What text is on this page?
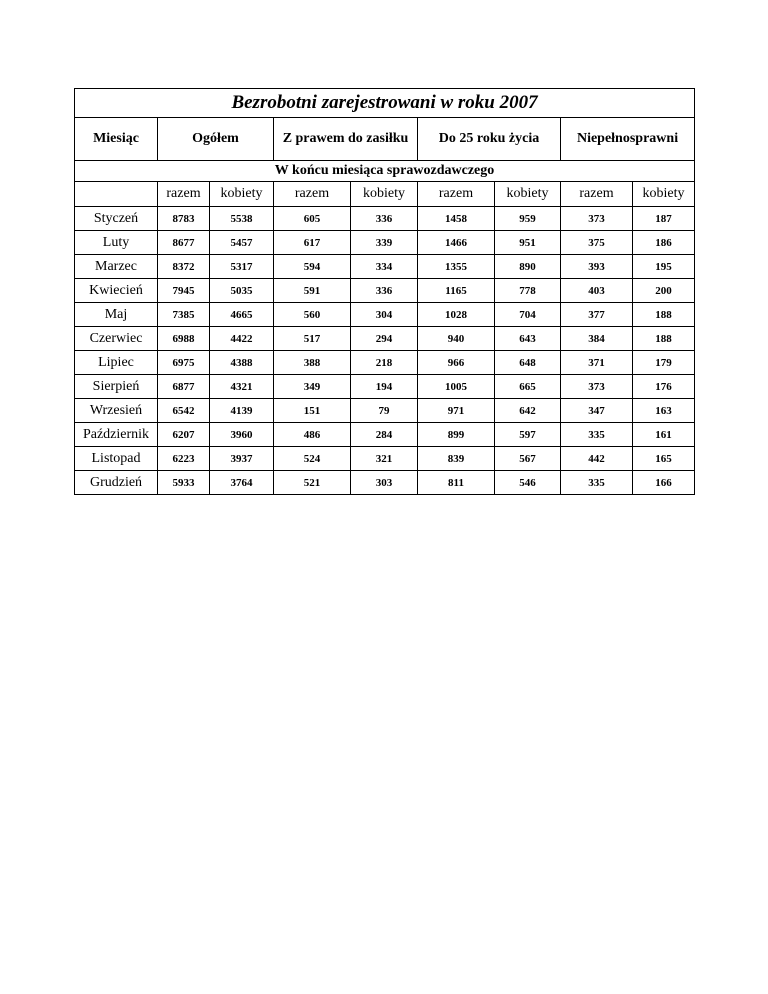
Bezrobotni zarejestrowani w roku 2007								
Miesiąc	Ogółem		Z prawem do zasiłku		Do 25 roku życia		Niepełnosprawni	
W końcu miesiąca sprawozdawczego								
	razem	kobiety	razem	kobiety	razem	kobiety	razem	kobiety
Styczeń	8783	5538	605	336	1458	959	373	187
Luty	8677	5457	617	339	1466	951	375	186
Marzec	8372	5317	594	334	1355	890	393	195
Kwiecień	7945	5035	591	336	1165	778	403	200
Maj	7385	4665	560	304	1028	704	377	188
Czerwiec	6988	4422	517	294	940	643	384	188
Lipiec	6975	4388	388	218	966	648	371	179
Sierpień	6877	4321	349	194	1005	665	373	176
Wrzesień	6542	4139	151	79	971	642	347	163
Październik	6207	3960	486	284	899	597	335	161
Listopad	6223	3937	524	321	839	567	442	165
Grudzień	5933	3764	521	303	811	546	335	166
